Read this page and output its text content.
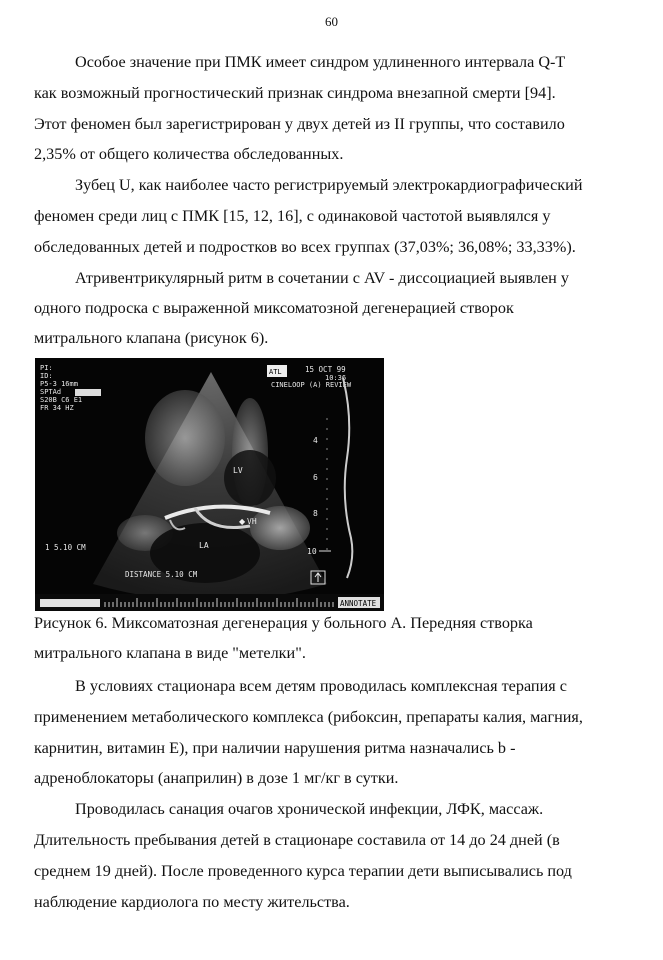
60
Особое значение при ПМК имеет синдром удлиненного интервала Q-T
как возможный прогностический признак синдрома внезапной смерти [94].
Этот феномен был зарегистрирован у двух детей из II группы, что составило
2,35% от общего количества обследованных.
Зубец U, как наиболее часто регистрируемый электрокардиографический
феномен среди лиц с ПМК [15, 12, 16], с одинаковой частотой выявлялся у
обследованных детей и подростков во всех группах (37,03%; 36,08%; 33,33%).
Атривентрикулярный ритм в сочетании с AV - диссоциацией выявлен у
одного подроска с выраженной миксоматозной дегенерацией створок
митрального клапана (рисунок 6).
PI:
ID:
P5-3 16mm
SPTAd
S20B C6 E1
FR 34 HZ
ATL	15 OCT 99
10:36
CINELOOP (A) REVIEW
LV
LA
VH
◆
4
6
8
10
1 5.10 CM
DISTANCE 5.10 CM
ANNOTATE
Рисунок 6. Миксоматозная дегенерация у больного А. Передняя створка
митрального клапана в виде "метелки".
В условиях стационара всем детям проводилась комплексная терапия с
применением метаболического комплекса (рибоксин, препараты калия, магния,
карнитин, витамин Е), при наличии нарушения ритма назначались b -
адреноблокаторы (анаприлин) в дозе 1 мг/кг в сутки.
Проводилась санация очагов хронической инфекции, ЛФК, массаж.
Длительность пребывания детей в стационаре составила от 14 до 24 дней (в
среднем 19 дней). После проведенного курса терапии дети выписывались под
наблюдение кардиолога по месту жительства.
